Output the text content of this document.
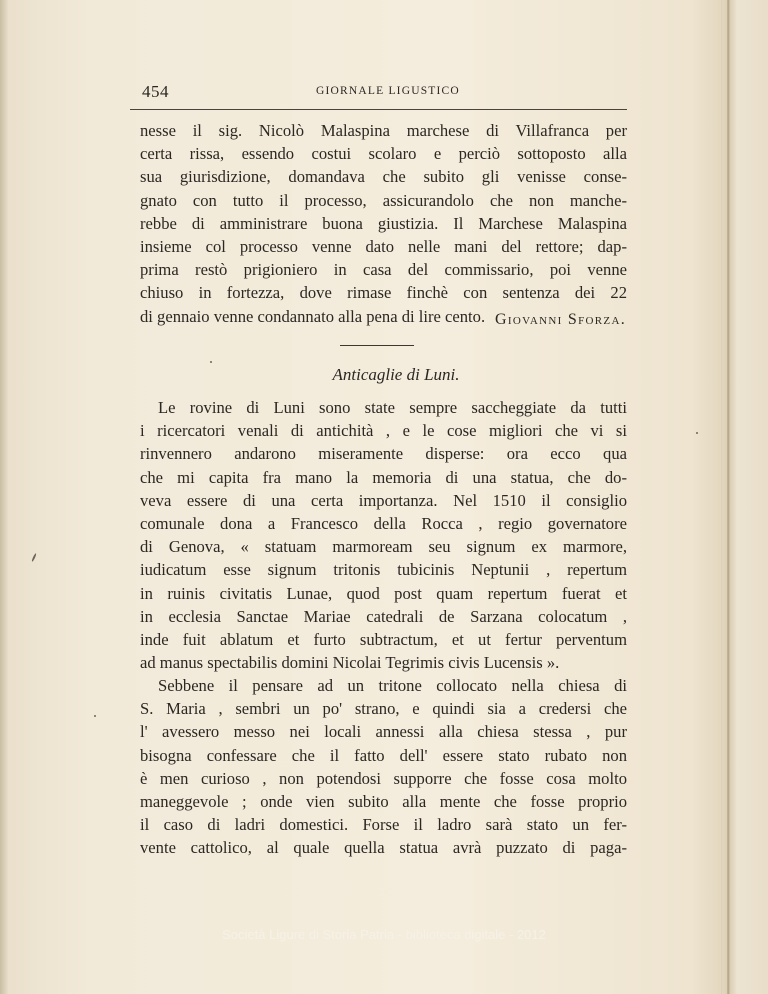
454	GIORNALE LIGUSTICO
nesse il sig. Nicolò Malaspina marchese di Villafranca per
certa rissa, essendo costui scolaro e perciò sottoposto alla
sua giurisdizione, domandava che subito gli venisse conse-
gnato con tutto il processo, assicurandolo che non manche-
rebbe di amministrare buona giustizia. Il Marchese Malaspina
insieme col processo venne dato nelle mani del rettore; dap-
prima restò prigioniero in casa del commissario, poi venne
chiuso in fortezza, dove rimase finchè con sentenza dei 22
di gennaio venne condannato alla pena di lire cento. Giovanni Sforza.
Anticaglie di Luni.
Le rovine di Luni sono state sempre saccheggiate da tutti
i ricercatori venali di antichità , e le cose migliori che vi si
rinvennero andarono miseramente disperse: ora ecco qua
che mi capita fra mano la memoria di una statua, che do-
veva essere di una certa importanza. Nel 1510 il consiglio
comunale dona a Francesco della Rocca , regio governatore
di Genova, « statuam marmoream seu signum ex marmore,
iudicatum esse signum tritonis tubicinis Neptunii , repertum
in ruinis civitatis Lunae, quod post quam repertum fuerat et
in ecclesia Sanctae Mariae catedrali de Sarzana colocatum ,
inde fuit ablatum et furto subtractum, et ut fertur perventum
ad manus spectabilis domini Nicolai Tegrimis civis Lucensis ».
Sebbene il pensare ad un tritone collocato nella chiesa di
S. Maria , sembri un po' strano, e quindi sia a credersi che
l' avessero messo nei locali annessi alla chiesa stessa , pur
bisogna confessare che il fatto dell' essere stato rubato non
è men curioso , non potendosi supporre che fosse cosa molto
maneggevole ; onde vien subito alla mente che fosse proprio
il caso di ladri domestici. Forse il ladro sarà stato un fer-
vente cattolico, al quale quella statua avrà puzzato di paga-
Società Ligure di Storia Patria - biblioteca digitale - 2012
